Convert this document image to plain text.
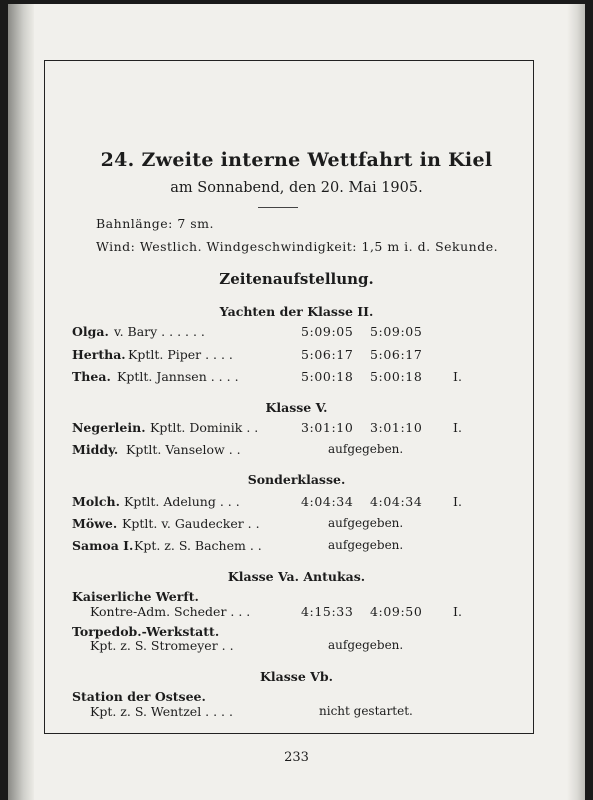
24. Zweite interne Wettfahrt in Kiel
am Sonnabend, den 20. Mai 1905.
Bahnlänge: 7 sm.
Wind: Westlich. Windgeschwindigkeit: 1,5 m i. d. Sekunde.
Zeitenaufstellung.
Yachten der Klasse II.
Olga. v. Bary . . . . . .	5:09:05 5:09:05
Hertha. Kptlt. Piper . . . .	5:06:17 5:06:17
Thea. Kptlt. Jannsen . . . .	5:00:18 5:00:18 I.
Klasse V.
Negerlein. Kptlt. Dominik . .	3:01:10 3:01:10 I.
Middy. Kptlt. Vanselow . .	aufgegeben.
Sonderklasse.
Molch. Kptlt. Adelung . . .	4:04:34 4:04:34 I.
Möwe. Kptlt. v. Gaudecker . .	aufgegeben.
Samoa I. Kpt. z. S. Bachem . .	aufgegeben.
Klasse Va. Antukas.
Kaiserliche Werft.
Kontre-Adm. Scheder . . .	4:15:33 4:09:50 I.
Torpedob.-Werkstatt.
Kpt. z. S. Stromeyer . .	aufgegeben.
Klasse Vb.
Station der Ostsee.
Kpt. z. S. Wentzel . . . .	nicht gestartet.
233
